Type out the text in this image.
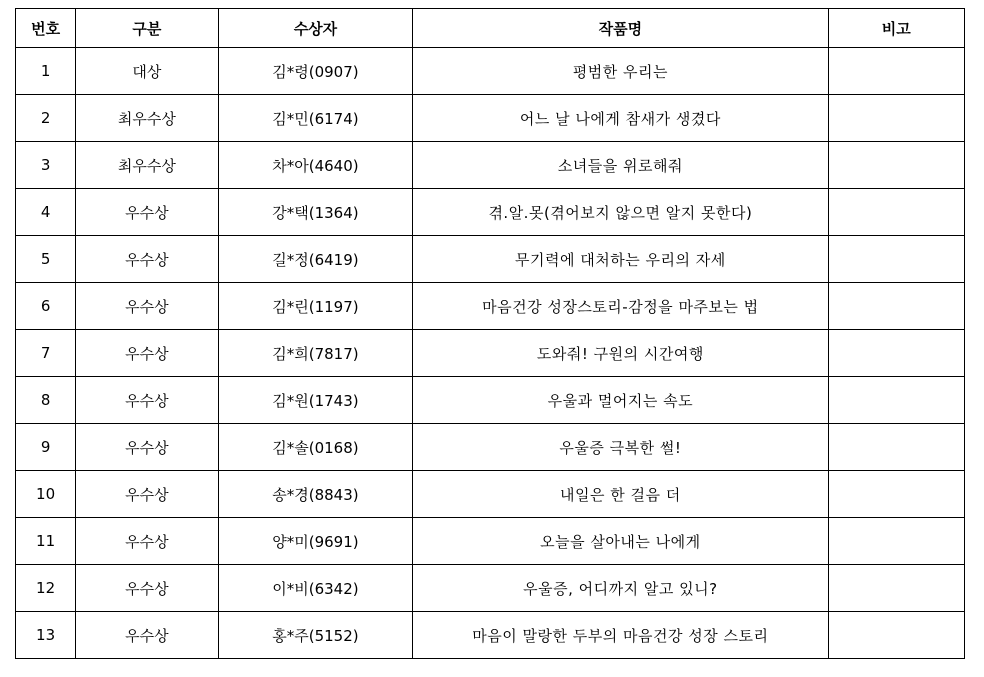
번호	구분	수상자	작품명	비고
1	대상	김*령(0907)	평범한 우리는	
2	최우수상	김*민(6174)	어느 날 나에게 참새가 생겼다	
3	최우수상	차*아(4640)	소녀들을 위로해줘	
4	우수상	강*택(1364)	겪.알.못(겪어보지 않으면 알지 못한다)	
5	우수상	길*정(6419)	무기력에 대처하는 우리의 자세	
6	우수상	김*린(1197)	마음건강 성장스토리-감정을 마주보는 법	
7	우수상	김*희(7817)	도와줘! 구원의 시간여행	
8	우수상	김*원(1743)	우울과 멀어지는 속도	
9	우수상	김*솔(0168)	우울증 극복한 썰!	
10	우수상	송*경(8843)	내일은 한 걸음 더	
11	우수상	양*미(9691)	오늘을 살아내는 나에게	
12	우수상	이*비(6342)	우울증, 어디까지 알고 있니?	
13	우수상	홍*주(5152)	마음이 말랑한 두부의 마음건강 성장 스토리	
